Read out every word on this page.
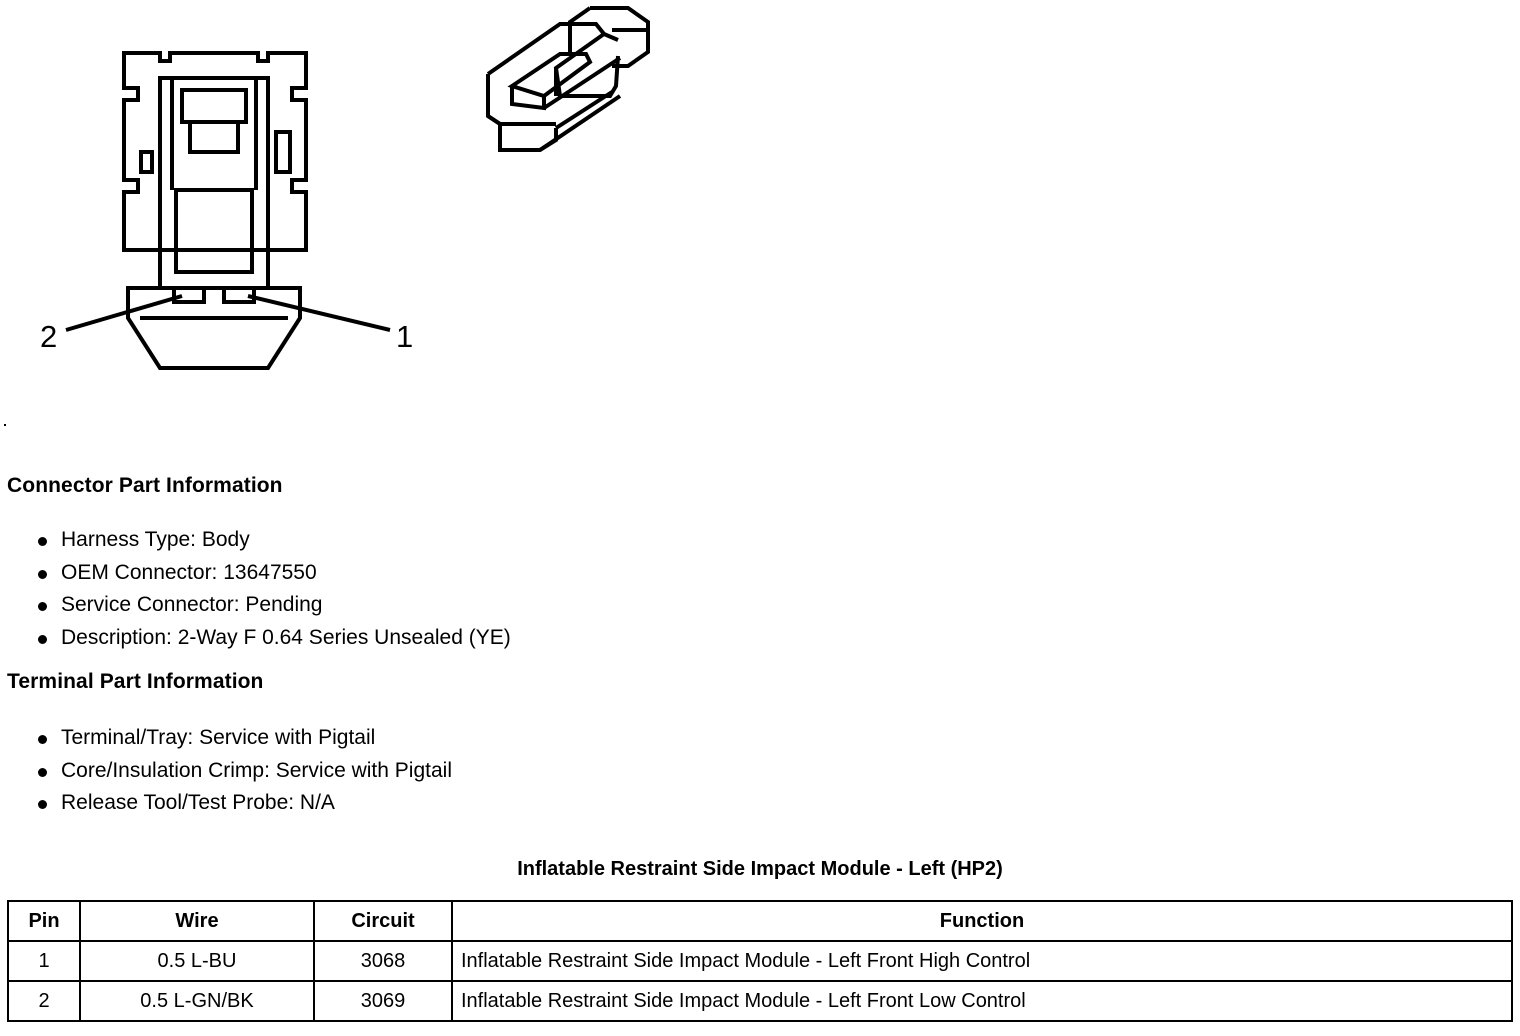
2	1
Connector Part Information
Harness Type: Body
OEM Connector: 13647550
Service Connector: Pending
Description: 2-Way F 0.64 Series Unsealed (YE)
Terminal Part Information
Terminal/Tray: Service with Pigtail
Core/Insulation Crimp: Service with Pigtail
Release Tool/Test Probe: N/A
Inflatable Restraint Side Impact Module - Left (HP2)
Pin	Wire	Circuit	Function
1	0.5 L-BU	3068	Inflatable Restraint Side Impact Module - Left Front High Control
2	0.5 L-GN/BK	3069	Inflatable Restraint Side Impact Module - Left Front Low Control
